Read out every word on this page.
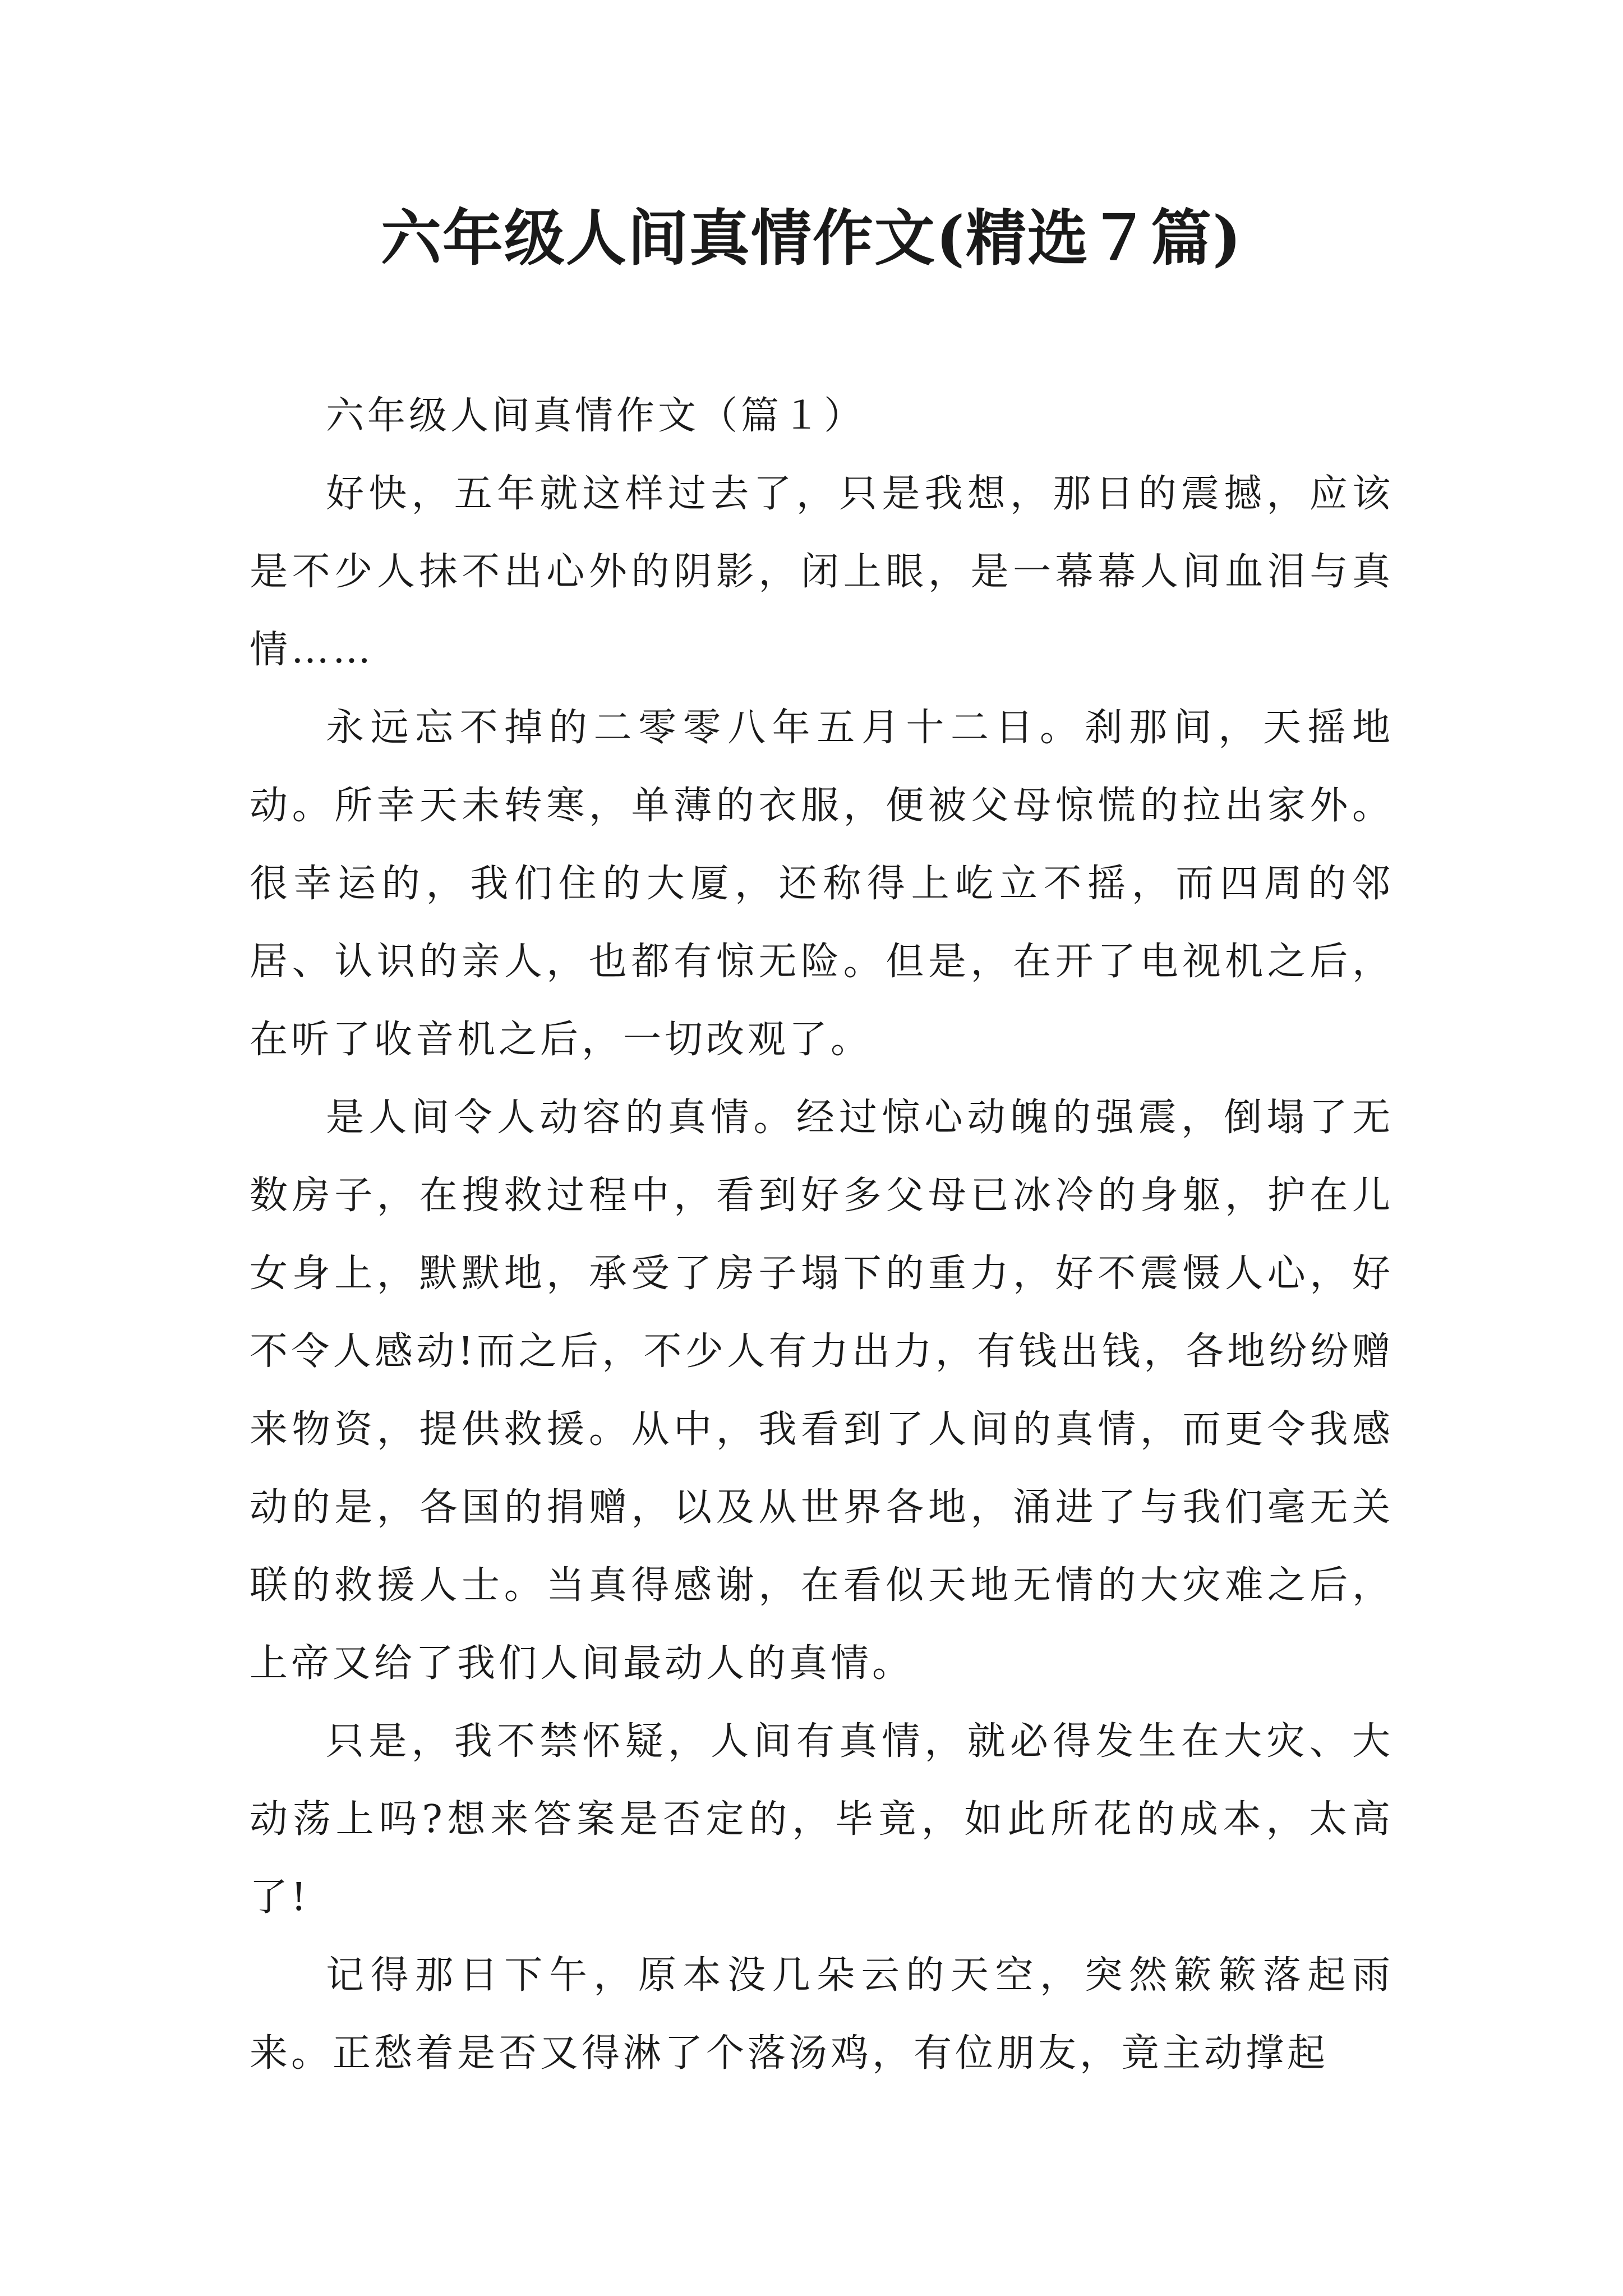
六年级人间真情作文(精选７篇)

六年级人间真情作文（篇１）

好快，五年就这样过去了，只是我想，那日的震撼，应该是不少人抹不出心外的阴影，闭上眼，是一幕幕人间血泪与真情……

永远忘不掉的二零零八年五月十二日。刹那间，天摇地动。所幸天未转寒，单薄的衣服，便被父母惊慌的拉出家外。很幸运的，我们住的大厦，还称得上屹立不摇，而四周的邻居、认识的亲人，也都有惊无险。但是，在开了电视机之后，在听了收音机之后，一切改观了。

是人间令人动容的真情。经过惊心动魄的强震，倒塌了无数房子，在搜救过程中，看到好多父母已冰冷的身躯，护在儿女身上，默默地，承受了房子塌下的重力，好不震慑人心，好不令人感动!而之后，不少人有力出力，有钱出钱，各地纷纷赠来物资，提供救援。从中，我看到了人间的真情，而更令我感动的是，各国的捐赠，以及从世界各地，涌进了与我们毫无关联的救援人士。当真得感谢，在看似天地无情的大灾难之后，上帝又给了我们人间最动人的真情。

只是，我不禁怀疑，人间有真情，就必得发生在大灾、大动荡上吗?想来答案是否定的，毕竟，如此所花的成本，太高了!

记得那日下午，原本没几朵云的天空，突然簌簌落起雨来。正愁着是否又得淋了个落汤鸡，有位朋友，竟主动撑起
